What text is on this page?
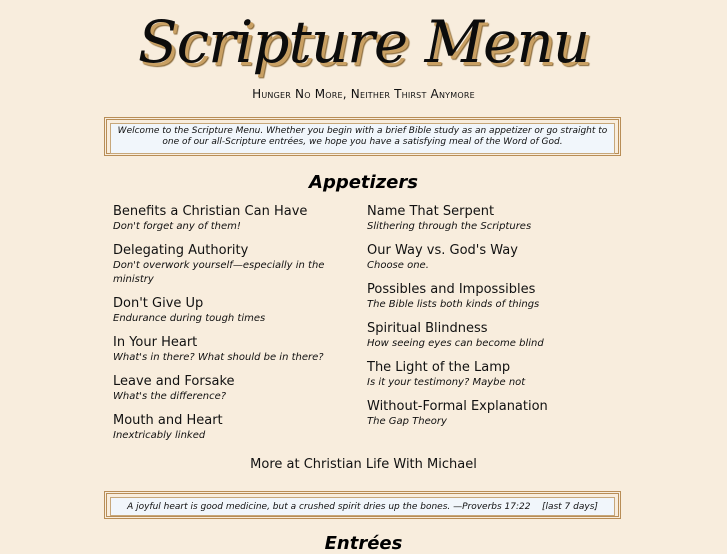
Scripture Menu
Hunger No More, Neither Thirst Anymore
Welcome to the Scripture Menu. Whether you begin with a brief Bible study as an appetizer or go straight to one of our all-Scripture entrées, we hope you have a satisfying meal of the Word of God.
Appetizers
Benefits a Christian Can Have
Don't forget any of them!
Delegating Authority
Don't overwork yourself—especially in the ministry
Don't Give Up
Endurance during tough times
In Your Heart
What's in there? What should be in there?
Leave and Forsake
What's the difference?
Mouth and Heart
Inextricably linked
Name That Serpent
Slithering through the Scriptures
Our Way vs. God's Way
Choose one.
Possibles and Impossibles
The Bible lists both kinds of things
Spiritual Blindness
How seeing eyes can become blind
The Light of the Lamp
Is it your testimony? Maybe not
Without-Formal Explanation
The Gap Theory
More at Christian Life With Michael
A joyful heart is good medicine, but a crushed spirit dries up the bones. —Proverbs 17:22 [last 7 days]
Entrées
